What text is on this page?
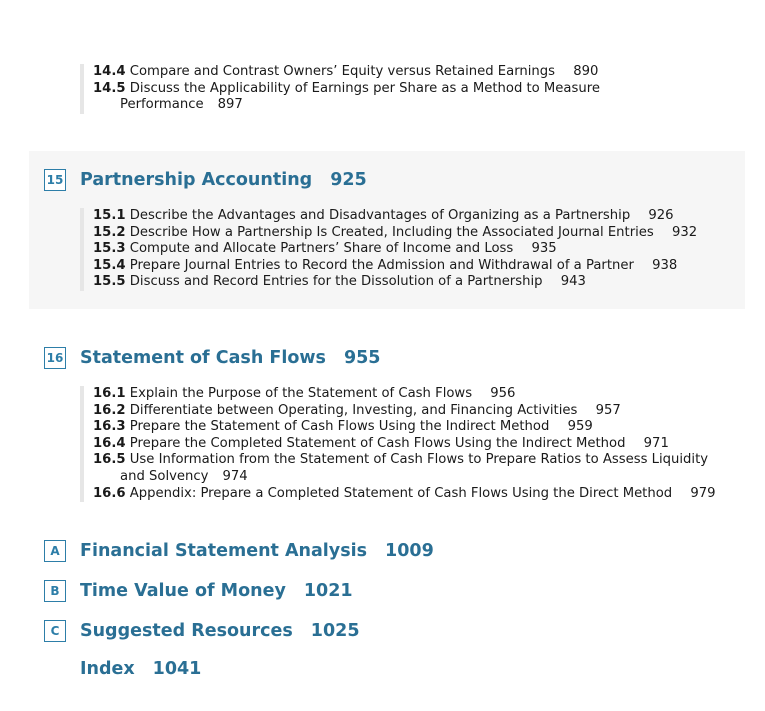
14.4 Compare and Contrast Owners’ Equity versus Retained Earnings 890
14.5 Discuss the Applicability of Earnings per Share as a Method to Measure
Performance 897
15 Partnership Accounting 925
15.1 Describe the Advantages and Disadvantages of Organizing as a Partnership 926
15.2 Describe How a Partnership Is Created, Including the Associated Journal Entries 932
15.3 Compute and Allocate Partners’ Share of Income and Loss 935
15.4 Prepare Journal Entries to Record the Admission and Withdrawal of a Partner 938
15.5 Discuss and Record Entries for the Dissolution of a Partnership 943
16 Statement of Cash Flows 955
16.1 Explain the Purpose of the Statement of Cash Flows 956
16.2 Differentiate between Operating, Investing, and Financing Activities 957
16.3 Prepare the Statement of Cash Flows Using the Indirect Method 959
16.4 Prepare the Completed Statement of Cash Flows Using the Indirect Method 971
16.5 Use Information from the Statement of Cash Flows to Prepare Ratios to Assess Liquidity
and Solvency 974
16.6 Appendix: Prepare a Completed Statement of Cash Flows Using the Direct Method 979
A	Financial Statement Analysis 1009
B	Time Value of Money 1021
C	Suggested Resources 1025
Index 1041
